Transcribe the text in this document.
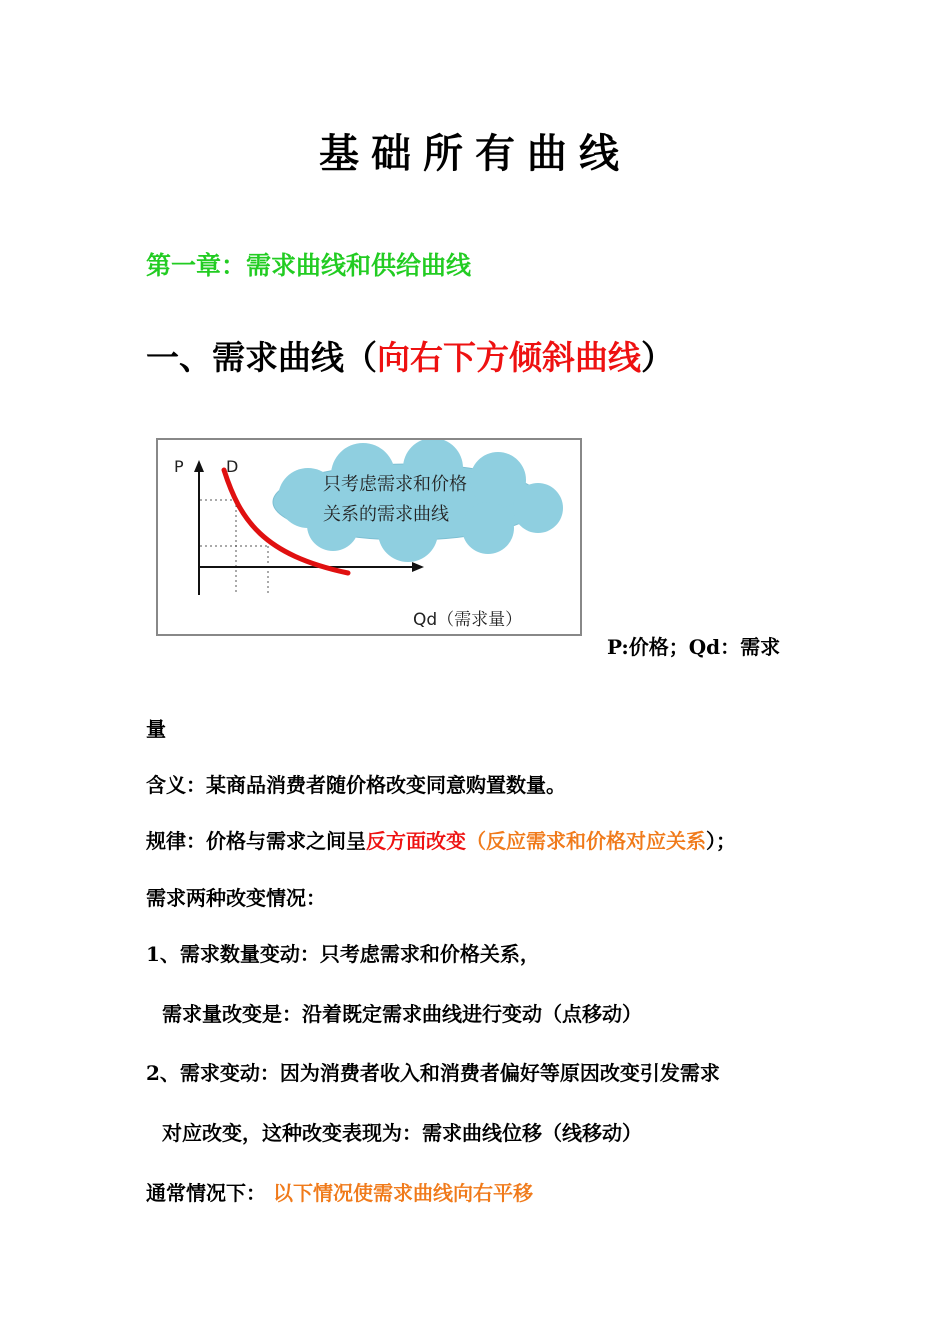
基础所有曲线
第一章：需求曲线和供给曲线
一、需求曲线（向右下方倾斜曲线）
只考虑需求和价格
关系的需求曲线
P	D
Qd（需求量）
P:价格；Qd：需求
量
含义：某商品消费者随价格改变同意购置数量。
规律：价格与需求之间呈反方面改变（反应需求和价格对应关系）；
需求两种改变情况：
1、需求数量变动：只考虑需求和价格关系，
需求量改变是：沿着既定需求曲线进行变动（点移动）
2、需求变动：因为消费者收入和消费者偏好等原因改变引发需求
对应改变，这种改变表现为：需求曲线位移（线移动）
通常情况下： 以下情况使需求曲线向右平移
